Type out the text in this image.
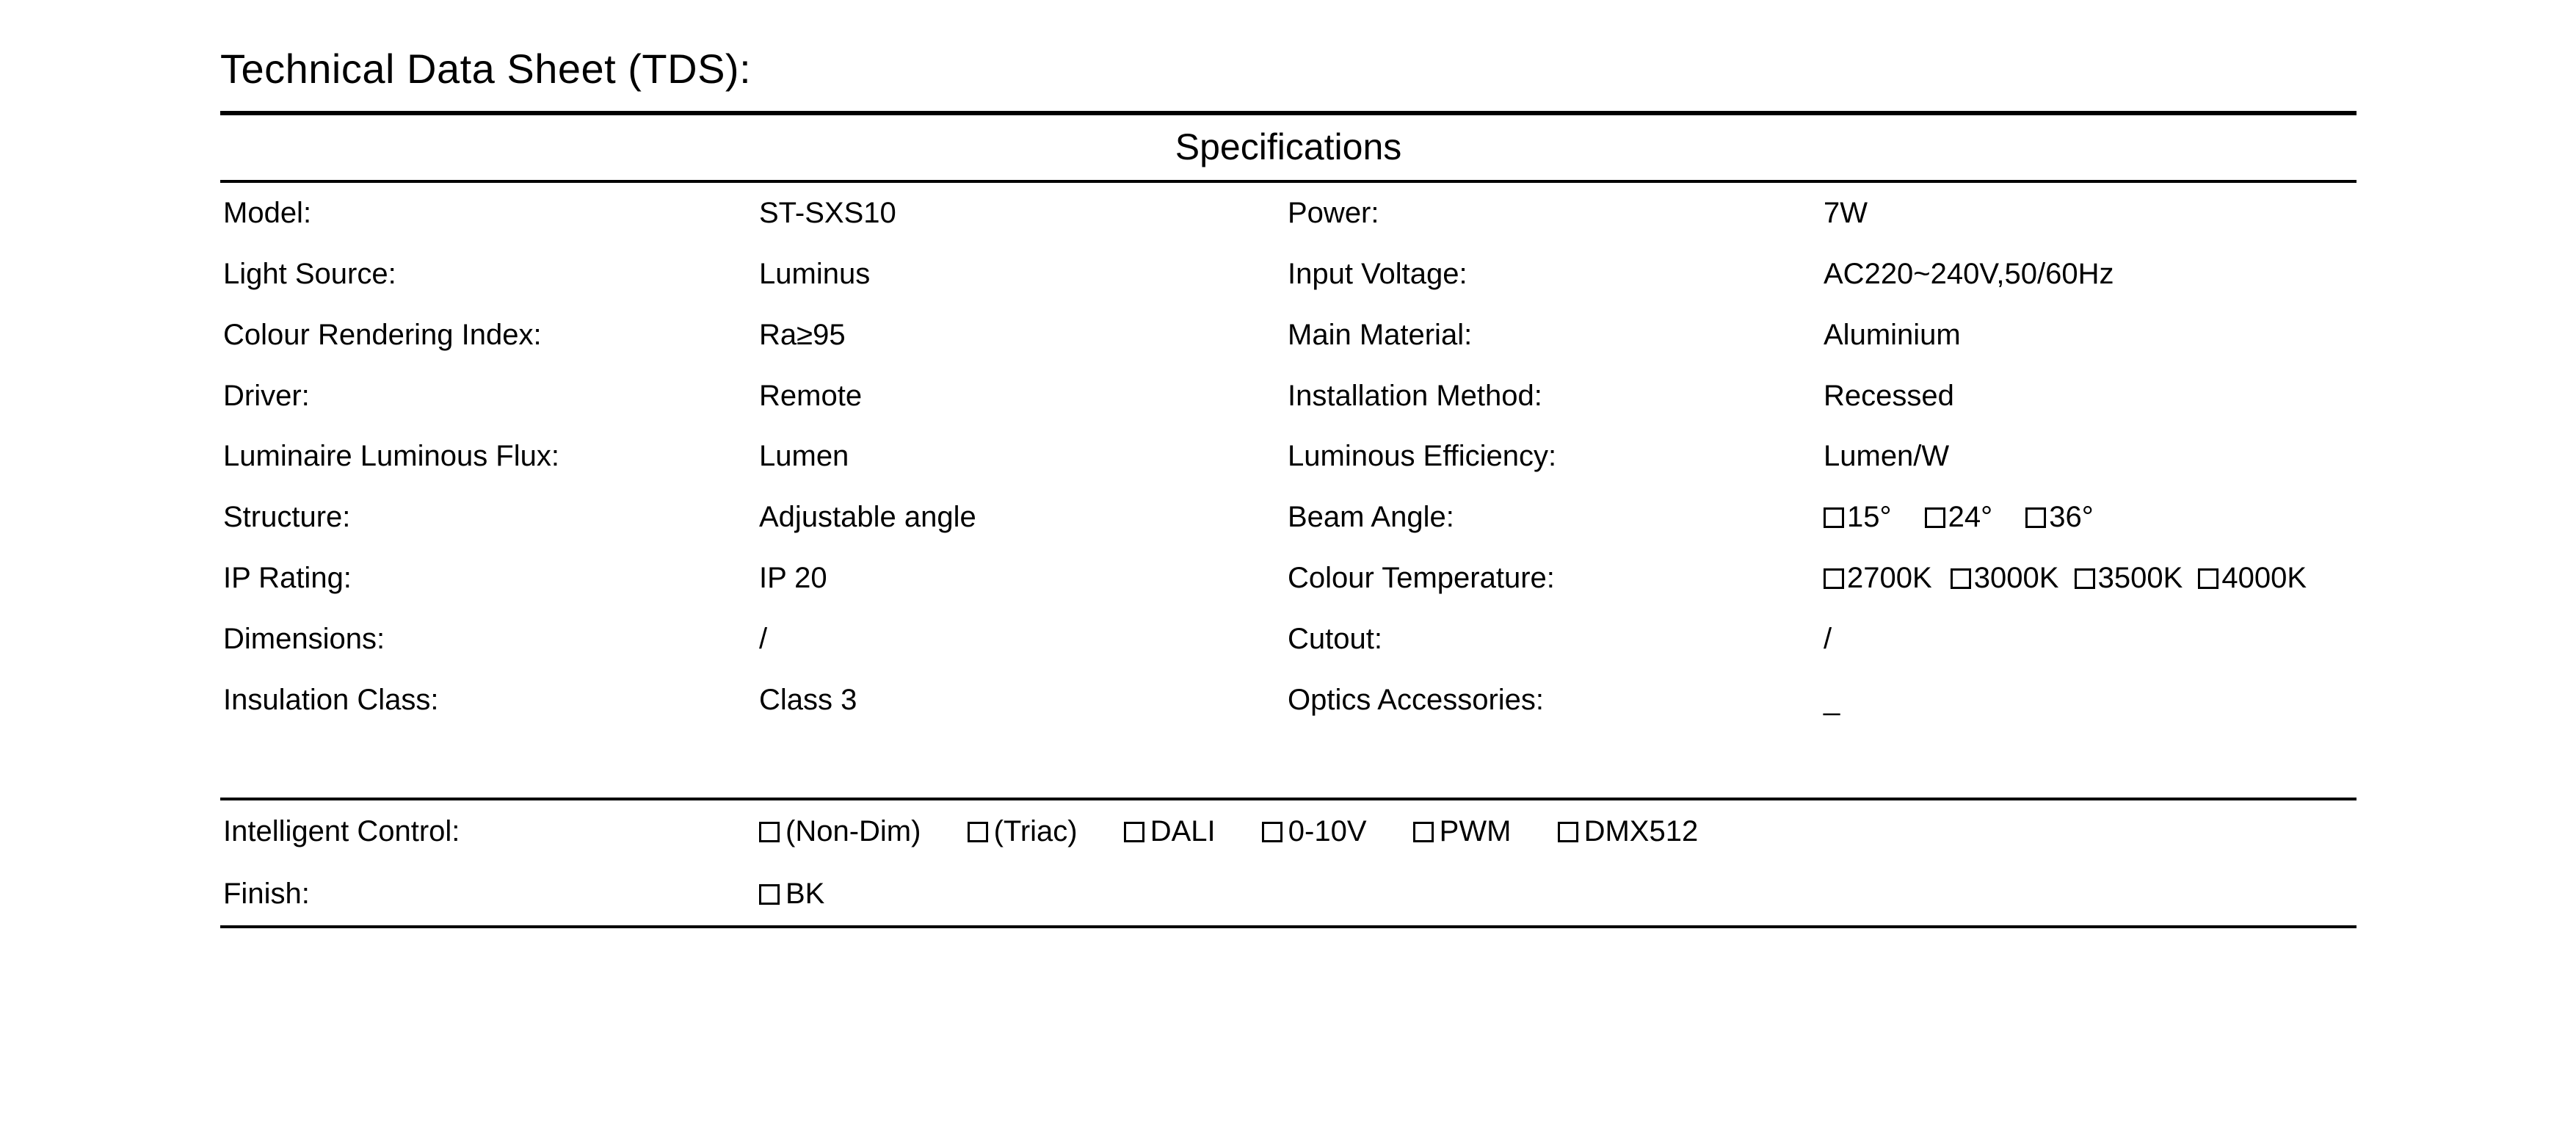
Technical Data Sheet (TDS):
Specifications
Model:	ST-SXS10	Power:	7W
Light Source:	Luminus	Input Voltage:	AC220~240V,50/60Hz
Colour Rendering Index:	Ra≥95	Main Material:	Aluminium
Driver:	Remote	Installation Method:	Recessed
Luminaire Luminous Flux:	Lumen	Luminous Efficiency:	Lumen/W
Structure:	Adjustable angle	Beam Angle:	15° 24° 36°
IP Rating:	IP 20	Colour Temperature:	2700K 3000K 3500K 4000K
Dimensions:	/	Cutout:	/
Insulation Class:	Class 3	Optics Accessories:	_

Intelligent Control:	(Non-Dim) (Triac) DALI 0-10V PWM DMX512
Finish:	BK
